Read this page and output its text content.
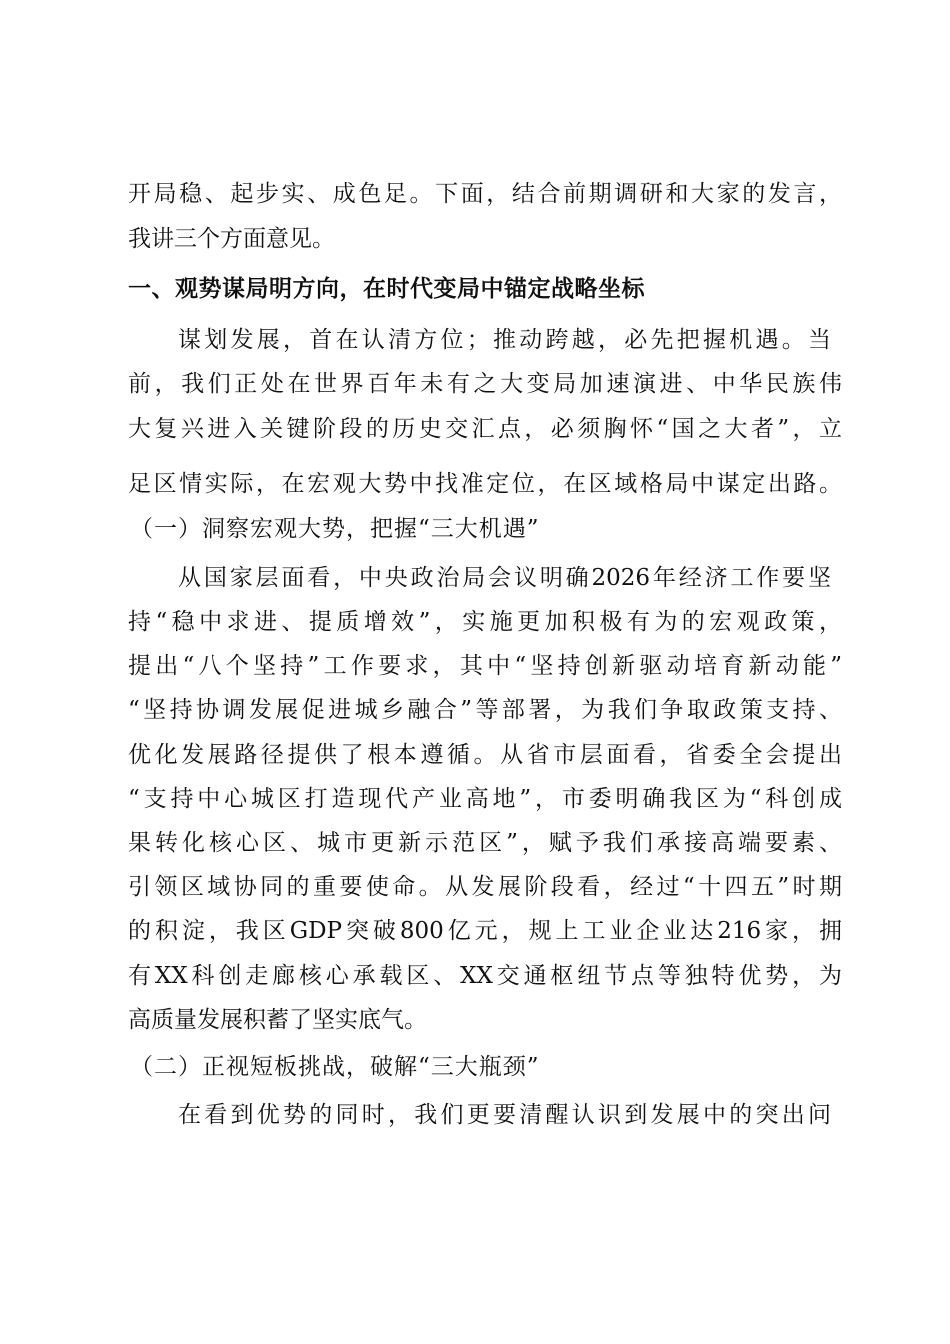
开局稳、起步实、成色足。下面，结合前期调研和大家的发言，
我讲三个方面意见。
一、观势谋局明方向，在时代变局中锚定战略坐标
谋划发展，首在认清方位；推动跨越，必先把握机遇。当
前，我们正处在世界百年未有之大变局加速演进、中华民族伟
大复兴进入关键阶段的历史交汇点，必须胸怀“国之大者”，立
足区情实际，在宏观大势中找准定位，在区域格局中谋定出路。
（一）洞察宏观大势，把握“三大机遇”
从国家层面看，中央政治局会议明确2026年经济工作要坚
持“稳中求进、提质增效”，实施更加积极有为的宏观政策，
提出“八个坚持”工作要求，其中“坚持创新驱动培育新动能”
“坚持协调发展促进城乡融合”等部署，为我们争取政策支持、
优化发展路径提供了根本遵循。从省市层面看，省委全会提出
“支持中心城区打造现代产业高地”，市委明确我区为“科创成
果转化核心区、城市更新示范区”，赋予我们承接高端要素、
引领区域协同的重要使命。从发展阶段看，经过“十四五”时期
的积淀，我区GDP突破800亿元，规上工业企业达216家，拥
有XX科创走廊核心承载区、XX交通枢纽节点等独特优势，为
高质量发展积蓄了坚实底气。
（二）正视短板挑战，破解“三大瓶颈”
在看到优势的同时，我们更要清醒认识到发展中的突出问
